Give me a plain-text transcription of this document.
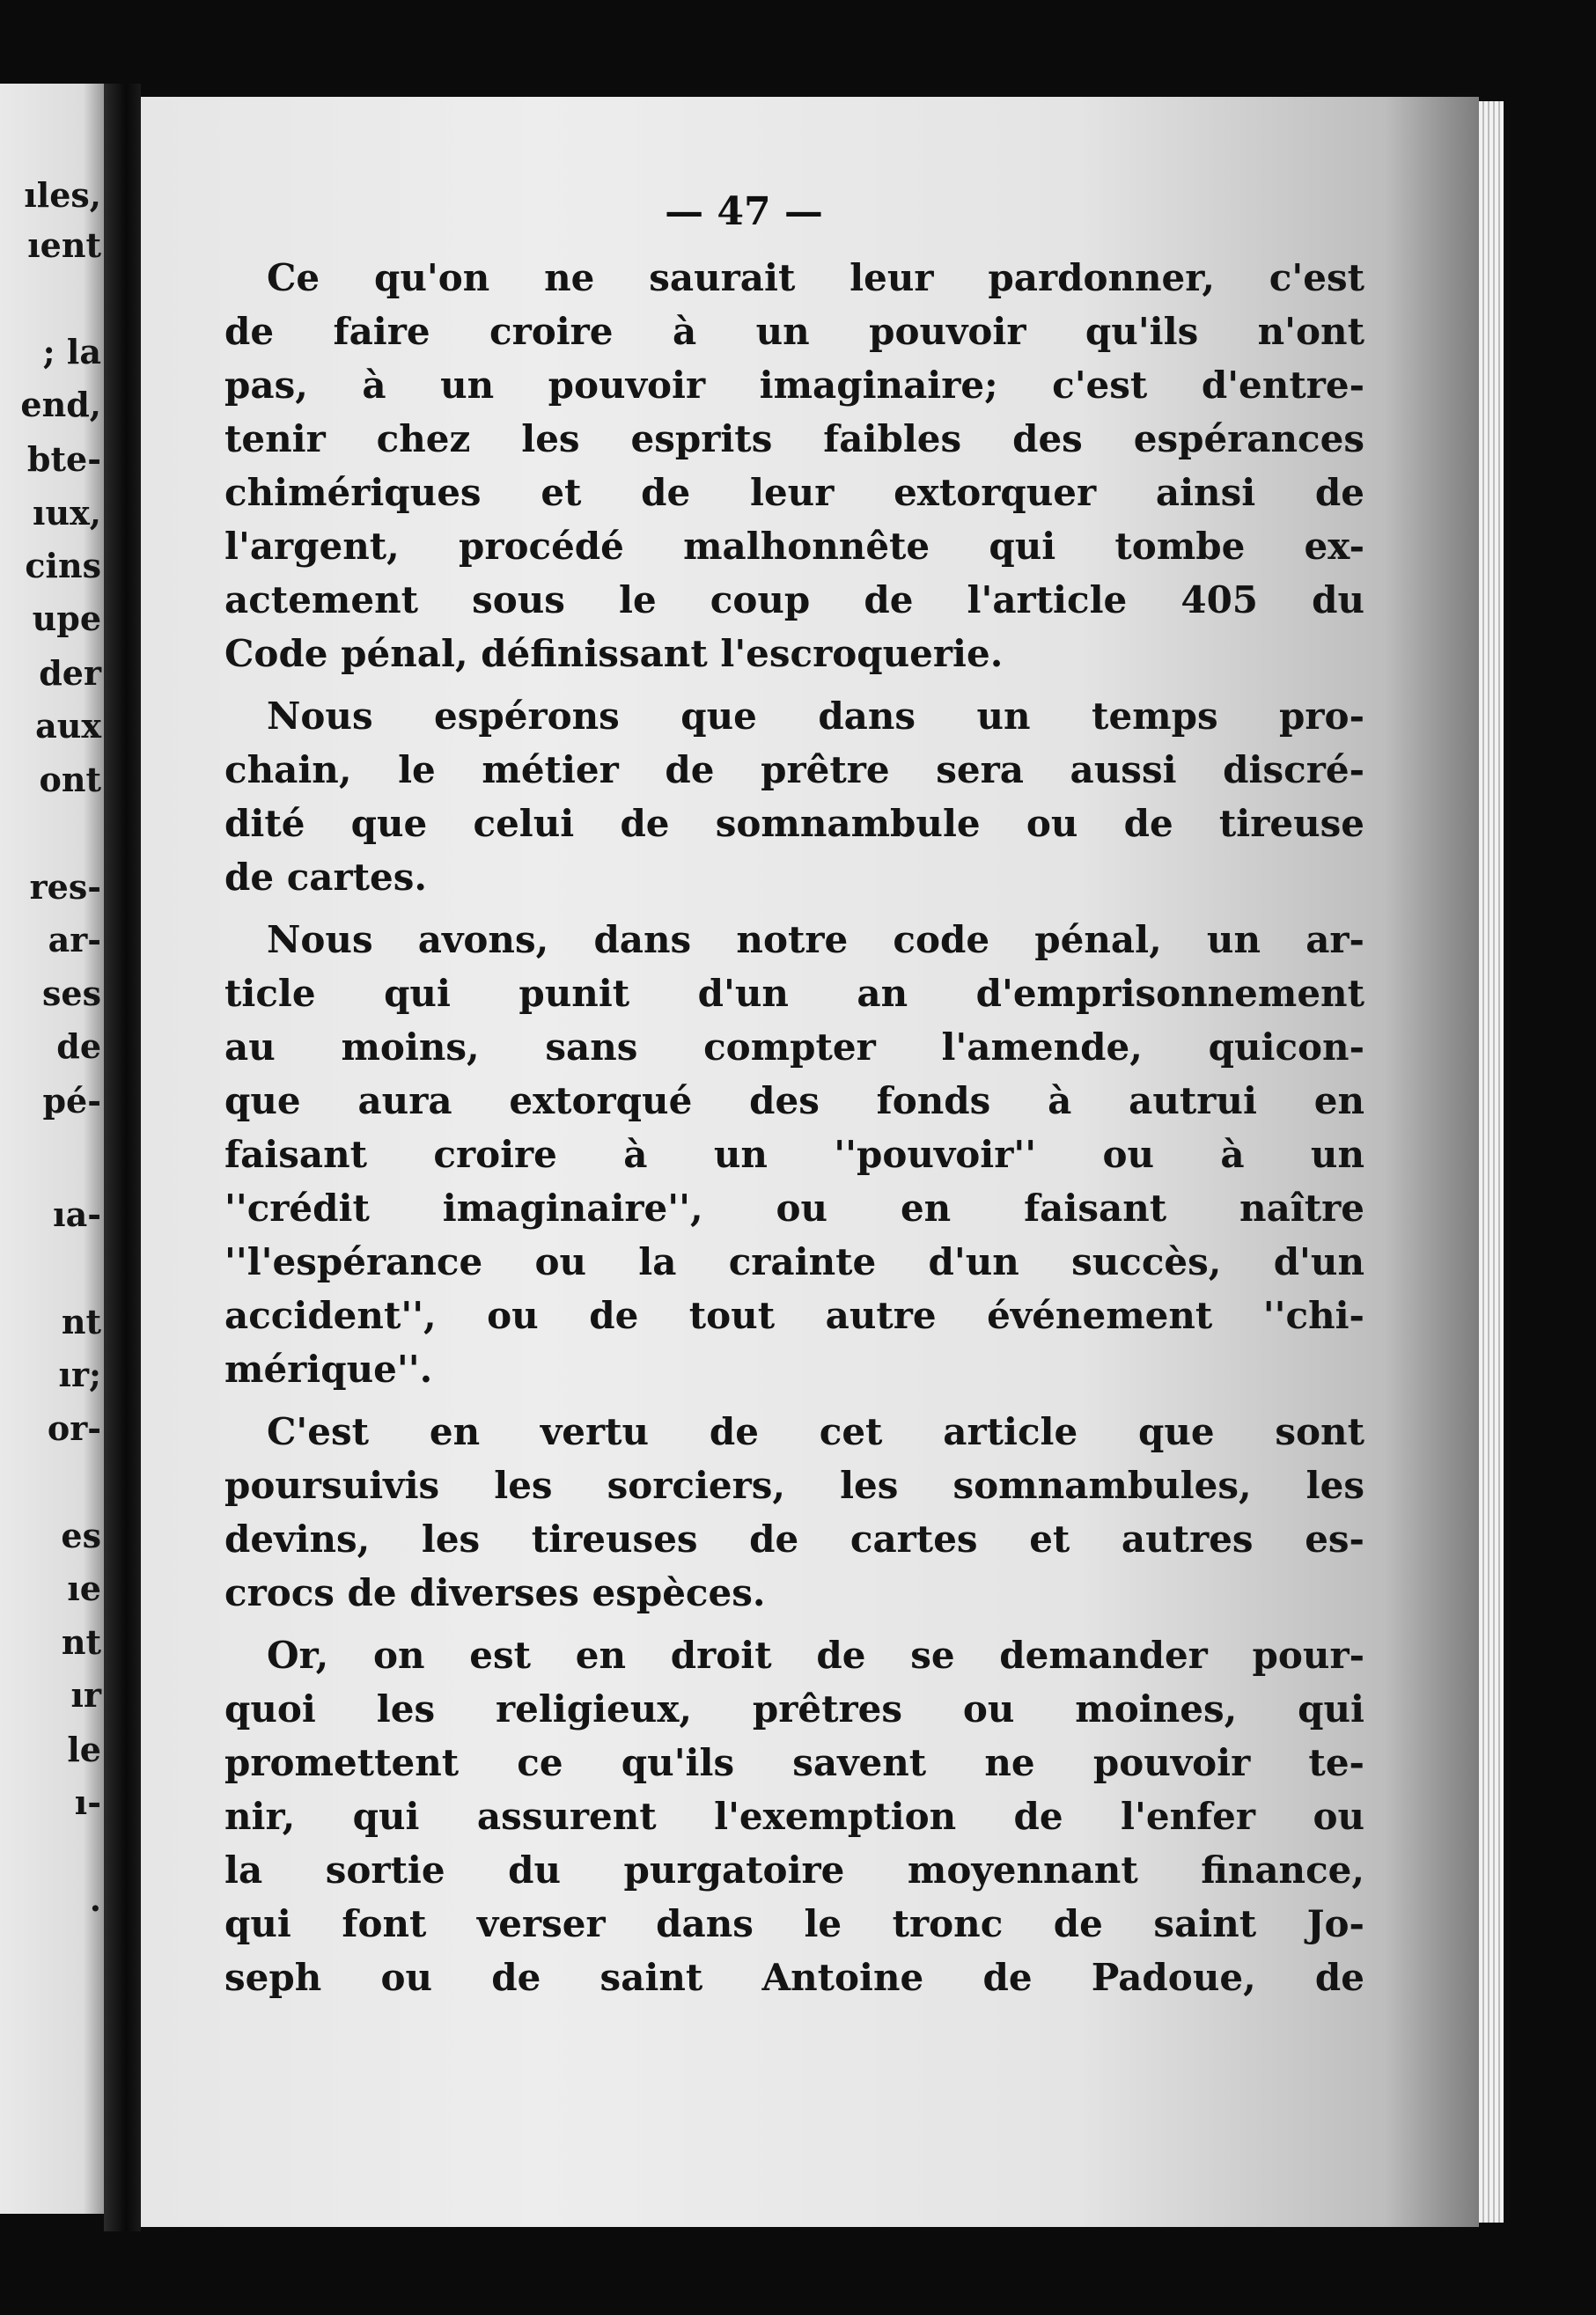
ıles,
ıent
; la
end,
bte-
ıux,
cins
upe
der
aux
ont
res-
ar-
ses
de
pé-
ıa-
nt
ır;
or-
es
ıe
nt
ır
le
ı-
.
— 47 —
Ce qu'on ne saurait leur pardonner, c'est
de faire croire à un pouvoir qu'ils n'ont
pas, à un pouvoir imaginaire; c'est d'entre-
tenir chez les esprits faibles des espérances
chimériques et de leur extorquer ainsi de
l'argent, procédé malhonnête qui tombe ex-
actement sous le coup de l'article 405 du
Code pénal, définissant l'escroquerie.
Nous espérons que dans un temps pro-
chain, le métier de prêtre sera aussi discré-
dité que celui de somnambule ou de tireuse
de cartes.
Nous avons, dans notre code pénal, un ar-
ticle qui punit d'un an d'emprisonnement
au moins, sans compter l'amende, quicon-
que aura extorqué des fonds à autrui en
faisant croire à un ''pouvoir'' ou à un
''crédit imaginaire'', ou en faisant naître
''l'espérance ou la crainte d'un succès, d'un
accident'', ou de tout autre événement ''chi-
mérique''.
C'est en vertu de cet article que sont
poursuivis les sorciers, les somnambules, les
devins, les tireuses de cartes et autres es-
crocs de diverses espèces.
Or, on est en droit de se demander pour-
quoi les religieux, prêtres ou moines, qui
promettent ce qu'ils savent ne pouvoir te-
nir, qui assurent l'exemption de l'enfer ou
la sortie du purgatoire moyennant finance,
qui font verser dans le tronc de saint Jo-
seph ou de saint Antoine de Padoue, de
